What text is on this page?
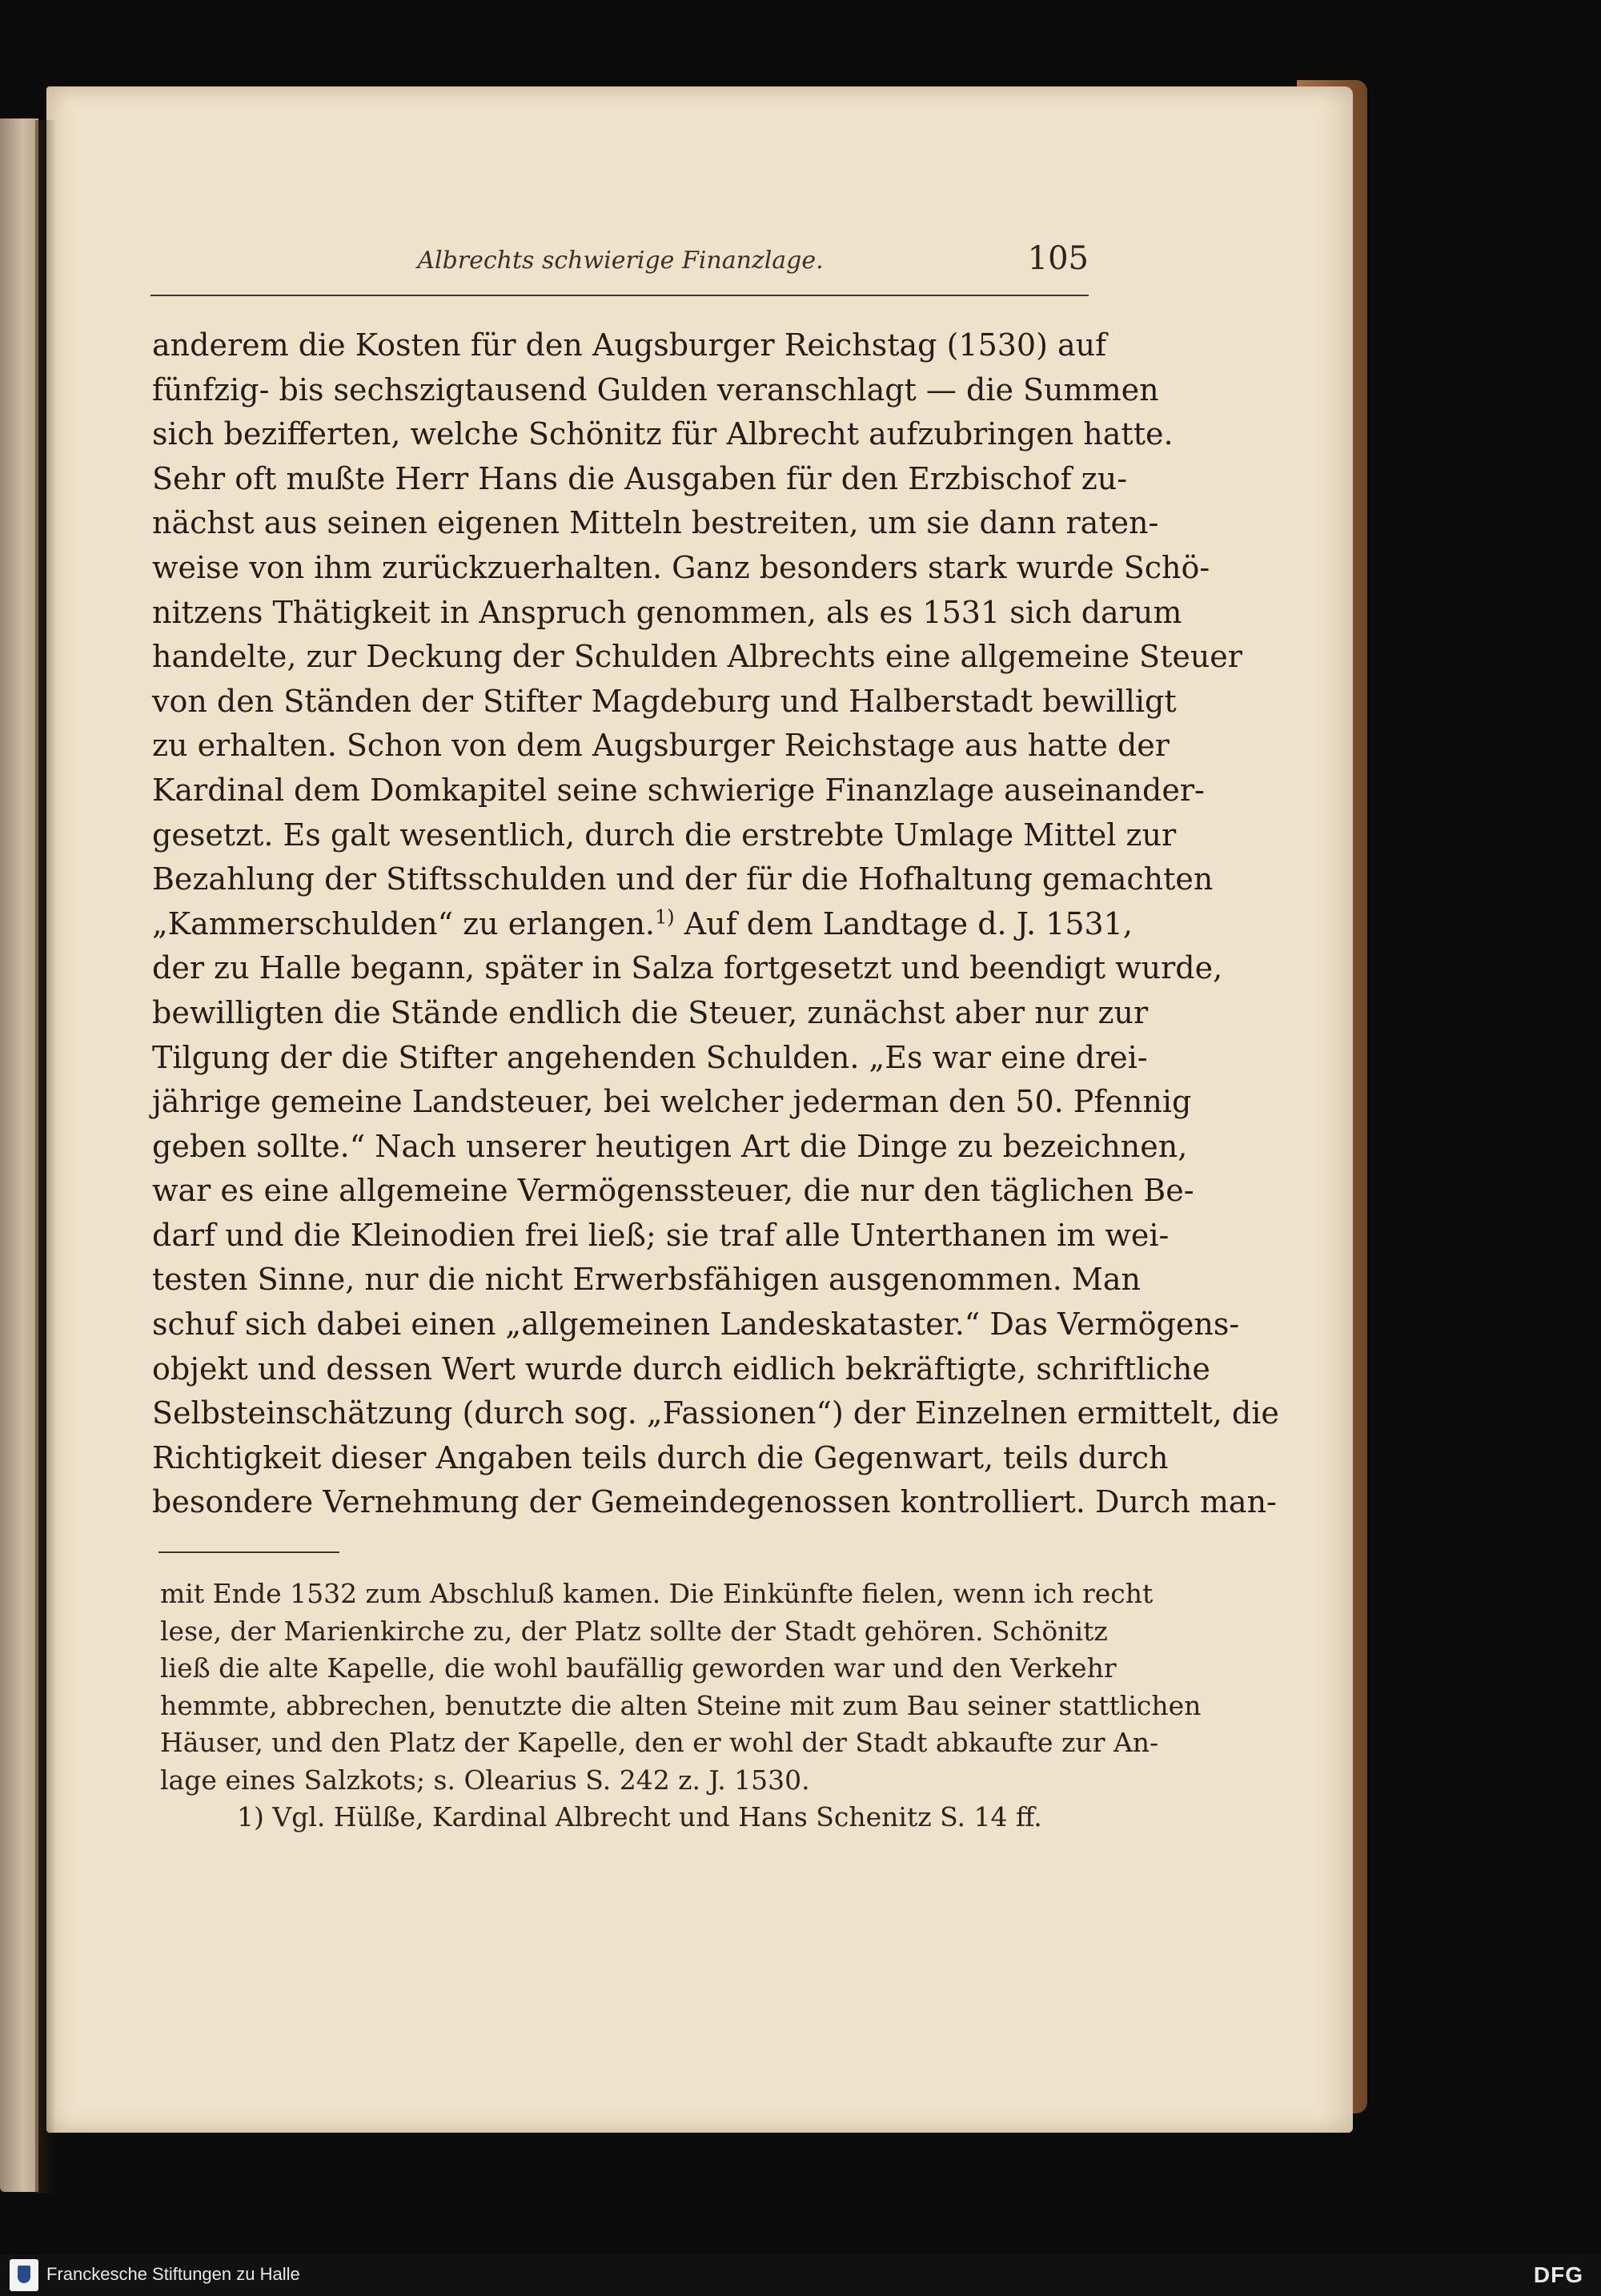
Albrechts schwierige Finanzlage.	105
anderem die Kosten für den Augsburger Reichstag (1530) auf
fünfzig- bis sechszigtausend Gulden veranschlagt — die Summen
sich bezifferten, welche Schönitz für Albrecht aufzubringen hatte.
Sehr oft mußte Herr Hans die Ausgaben für den Erzbischof zu-
nächst aus seinen eigenen Mitteln bestreiten, um sie dann raten-
weise von ihm zurückzuerhalten. Ganz besonders stark wurde Schö-
nitzens Thätigkeit in Anspruch genommen, als es 1531 sich darum
handelte, zur Deckung der Schulden Albrechts eine allgemeine Steuer
von den Ständen der Stifter Magdeburg und Halberstadt bewilligt
zu erhalten. Schon von dem Augsburger Reichstage aus hatte der
Kardinal dem Domkapitel seine schwierige Finanzlage auseinander-
gesetzt. Es galt wesentlich, durch die erstrebte Umlage Mittel zur
Bezahlung der Stiftsschulden und der für die Hofhaltung gemachten
„Kammerschulden“ zu erlangen.$^{1)}$ Auf dem Landtage d. J. 1531,
der zu Halle begann, später in Salza fortgesetzt und beendigt wurde,
bewilligten die Stände endlich die Steuer, zunächst aber nur zur
Tilgung der die Stifter angehenden Schulden. „Es war eine drei-
jährige gemeine Landsteuer, bei welcher jederman den 50. Pfennig
geben sollte.“ Nach unserer heutigen Art die Dinge zu bezeichnen,
war es eine allgemeine Vermögenssteuer, die nur den täglichen Be-
darf und die Kleinodien frei ließ; sie traf alle Unterthanen im wei-
testen Sinne, nur die nicht Erwerbsfähigen ausgenommen. Man
schuf sich dabei einen „allgemeinen Landeskataster.“ Das Vermögens-
objekt und dessen Wert wurde durch eidlich bekräftigte, schriftliche
Selbsteinschätzung (durch sog. „Fassionen“) der Einzelnen ermittelt, die
Richtigkeit dieser Angaben teils durch die Gegenwart, teils durch
besondere Vernehmung der Gemeindegenossen kontrolliert. Durch man-
mit Ende 1532 zum Abschluß kamen. Die Einkünfte fielen, wenn ich recht
lese, der Marienkirche zu, der Platz sollte der Stadt gehören. Schönitz
ließ die alte Kapelle, die wohl baufällig geworden war und den Verkehr
hemmte, abbrechen, benutzte die alten Steine mit zum Bau seiner stattlichen
Häuser, und den Platz der Kapelle, den er wohl der Stadt abkaufte zur An-
lage eines Salzkots; s. Olearius S. 242 z. J. 1530.
1) Vgl. Hülße, Kardinal Albrecht und Hans Schenitz S. 14 ff.
Franckesche Stiftungen zu Halle	DFG
